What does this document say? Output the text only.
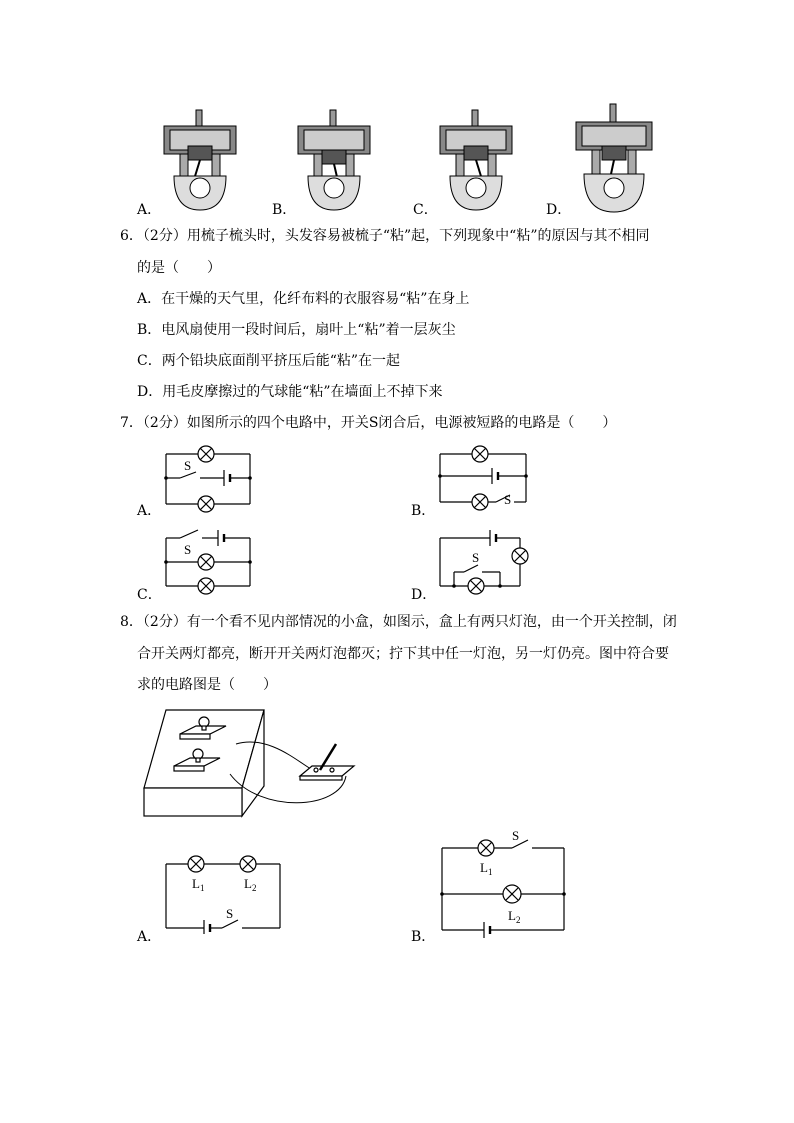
A．	B．	C．	D．
6．（2分）用梳子梳头时，头发容易被梳子“粘”起，下列现象中“粘”的原因与其不相同
的是（　　）
A．在干燥的天气里，化纤布料的衣服容易“粘”在身上
B．电风扇使用一段时间后，扇叶上“粘”着一层灰尘
C．两个铅块底面削平挤压后能“粘”在一起
D．用毛皮摩擦过的气球能“粘”在墙面上不掉下来
7．（2分）如图所示的四个电路中，开关S闭合后，电源被短路的电路是（　　）
S
A．
S
B．
S
C．
S
D．
8．（2分）有一个看不见内部情况的小盒，如图示，盒上有两只灯泡，由一个开关控制，闭
合开关两灯都亮，断开开关两灯泡都灭；拧下其中任一灯泡，另一灯仍亮。图中符合要
求的电路图是（　　）
$L_1$	$L_2$
S
A．
S
$L_1$
$L_2$
B．
